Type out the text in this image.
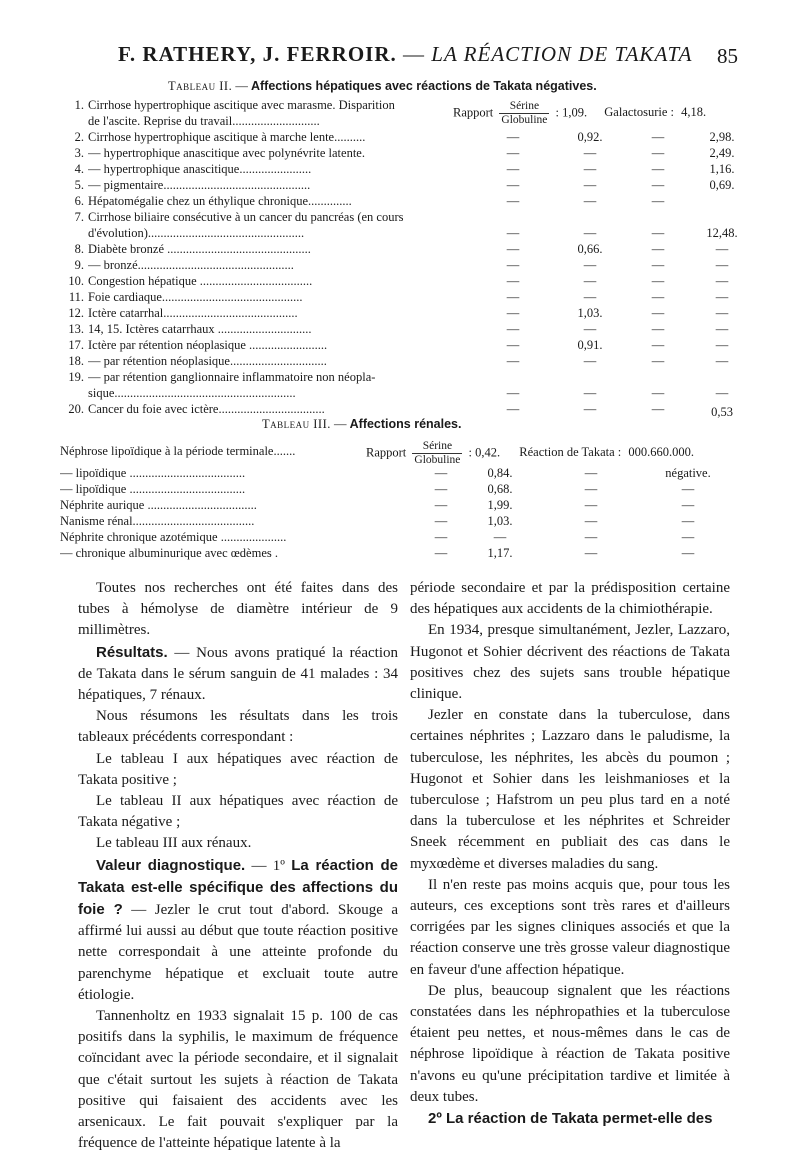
F. RATHERY, J. FERROIR. — LA RÉACTION DE TAKATA 85
Tableau II. — Affections hépatiques avec réactions de Takata négatives.
1. Cirrhose hypertrophique ascitique avec marasme. Disparition
de l'ascite. Reprise du travail............................
Rapport $\frac{\text{Sérine}}{\text{Globuline}}$ : 1,09. Galactosurie : 4,18.
2. Cirrhose hypertrophique ascitique à marche lente..........	—	0,92.	—	2,98.
3. — hypertrophique anascitique avec polynévrite latente.	—	—	—	2,49.
4. — hypertrophique anascitique.......................	—	—	—	1,16.
5. — pigmentaire...............................................	—	—	—	0,69.
6. Hépatomégalie chez un éthylique chronique..............	—	—	—
7. Cirrhose biliaire consécutive à un cancer du pancréas (en cours
d'évolution)..................................................	—	—	—	12,48.
8. Diabète bronzé ..............................................	—	0,66.	—	—
9. — bronzé..................................................	—	—	—	—
10. Congestion hépatique ....................................	—	—	—	—
11. Foie cardiaque.............................................	—	—	—	—
12. Ictère catarrhal...........................................	—	1,03.	—	—
13. 14, 15. Ictères catarrhaux ..............................	—	—	—	—
17. Ictère par rétention néoplasique .........................	—	0,91.	—	—
18. — par rétention néoplasique...............................	—	—	—	—
19. — par rétention ganglionnaire inflammatoire non néopla-
sique..........................................................	—	—	—	—
20. Cancer du foie avec ictère..................................	—	—	—	0,53
Tableau III. — Affections rénales.
Néphrose lipoïdique à la période terminale.......	Rapport $\frac{\text{Sérine}}{\text{Globuline}}$ : 0,42. Réaction de Takata : 000.660.000.
— lipoïdique .....................................	—	0,84.	—	négative.
— lipoïdique .....................................	—	0,68.	—	—
Néphrite aurique ...................................	—	1,99.	—	—
Nanisme rénal.......................................	—	1,03.	—	—
Néphrite chronique azotémique .....................	—	—	—	—
— chronique albuminurique avec œdèmes .	—	1,17.	—	—

Toutes nos recherches ont été faites dans des tubes à hémolyse de diamètre intérieur de 9 millimètres.

Résultats. — Nous avons pratiqué la réaction de Takata dans le sérum sanguin de 41 malades : 34 hépatiques, 7 rénaux.

Nous résumons les résultats dans les trois tableaux précédents correspondant :

Le tableau I aux hépatiques avec réaction de Takata positive ;

Le tableau II aux hépatiques avec réaction de Takata négative ;

Le tableau III aux rénaux.

Valeur diagnostique. — 1º La réaction de Takata est-elle spécifique des affections du foie ? — Jezler le crut tout d'abord. Skouge a affirmé lui aussi au début que toute réaction positive nette correspondait à une atteinte profonde du parenchyme hépatique et excluait toute autre étiologie.

Tannenholtz en 1933 signalait 15 p. 100 de cas positifs dans la syphilis, le maximum de fréquence coïncidant avec la période secondaire, et il signalait que c'était surtout les sujets à réaction de Takata positive qui faisaient des accidents avec les arsenicaux. Le fait pouvait s'expliquer par la fréquence de l'atteinte hépatique latente à la

période secondaire et par la prédisposition certaine des hépatiques aux accidents de la chimiothérapie.

En 1934, presque simultanément, Jezler, Lazzaro, Hugonot et Sohier décrivent des réactions de Takata positives chez des sujets sans trouble hépatique clinique.

Jezler en constate dans la tuberculose, dans certaines néphrites ; Lazzaro dans le paludisme, la tuberculose, les néphrites, les abcès du poumon ; Hugonot et Sohier dans les leishmanioses et la tuberculose ; Hafstrom un peu plus tard en a noté dans la tuberculose et les néphrites et Schreider Sneek récemment en publiait des cas dans le myxœdème et diverses maladies du sang.

Il n'en reste pas moins acquis que, pour tous les auteurs, ces exceptions sont très rares et d'ailleurs corrigées par les signes cliniques associés et que la réaction conserve une très grosse valeur diagnostique en faveur d'une affection hépatique.

De plus, beaucoup signalent que les réactions constatées dans les néphropathies et la tuberculose étaient peu nettes, et nous-mêmes dans le cas de néphrose lipoïdique à réaction de Takata positive n'avons eu qu'une précipitation tardive et limitée à deux tubes.

2º La réaction de Takata permet-elle des
